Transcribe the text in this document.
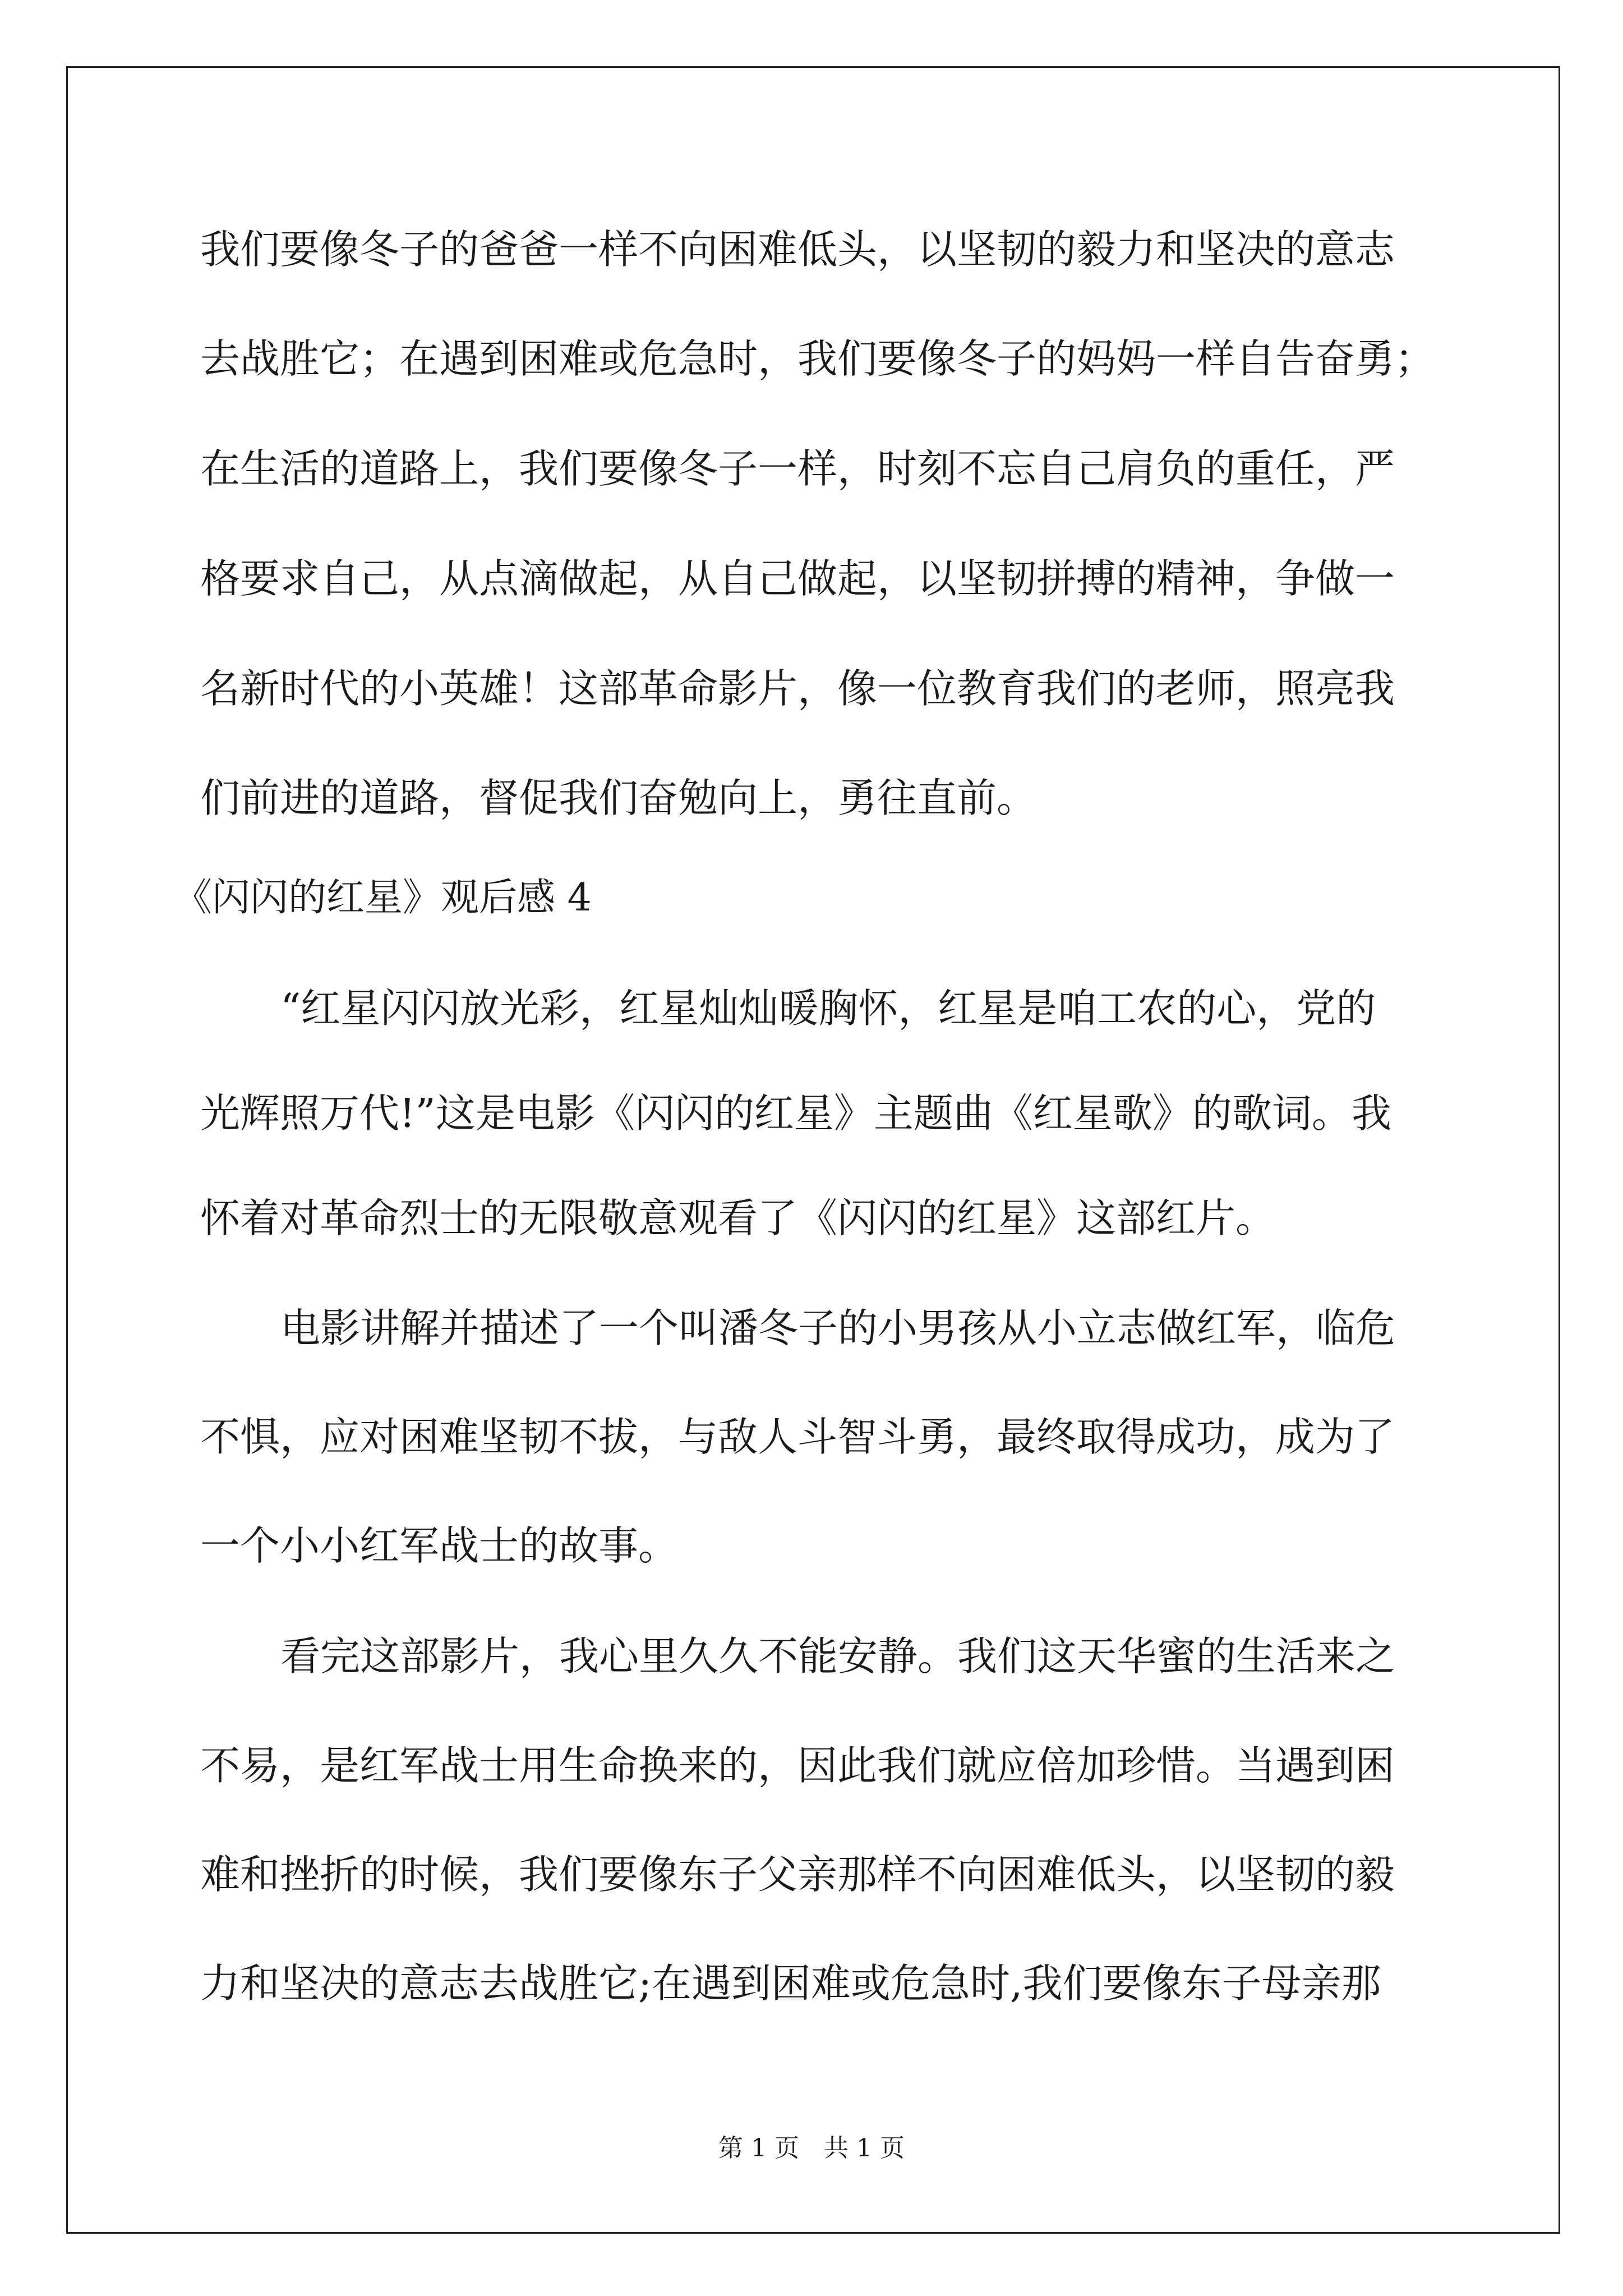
我们要像冬子的爸爸一样不向困难低头，以坚韧的毅力和坚决的意志
去战胜它；在遇到困难或危急时，我们要像冬子的妈妈一样自告奋勇；
在生活的道路上，我们要像冬子一样，时刻不忘自己肩负的重任，严
格要求自己，从点滴做起，从自己做起，以坚韧拼搏的精神，争做一
名新时代的小英雄！这部革命影片，像一位教育我们的老师，照亮我
们前进的道路，督促我们奋勉向上，勇往直前。
《闪闪的红星》观后感 4
“红星闪闪放光彩，红星灿灿暖胸怀，红星是咱工农的心，党的
光辉照万代!”这是电影《闪闪的红星》主题曲《红星歌》的歌词。我
怀着对革命烈士的无限敬意观看了《闪闪的红星》这部红片。
电影讲解并描述了一个叫潘冬子的小男孩从小立志做红军，临危
不惧，应对困难坚韧不拔，与敌人斗智斗勇，最终取得成功，成为了
一个小小红军战士的故事。
看完这部影片，我心里久久不能安静。我们这天华蜜的生活来之
不易，是红军战士用生命换来的，因此我们就应倍加珍惜。当遇到困
难和挫折的时候，我们要像东子父亲那样不向困难低头，以坚韧的毅
力和坚决的意志去战胜它;在遇到困难或危急时,我们要像东子母亲那
第 1 页　共 1 页
